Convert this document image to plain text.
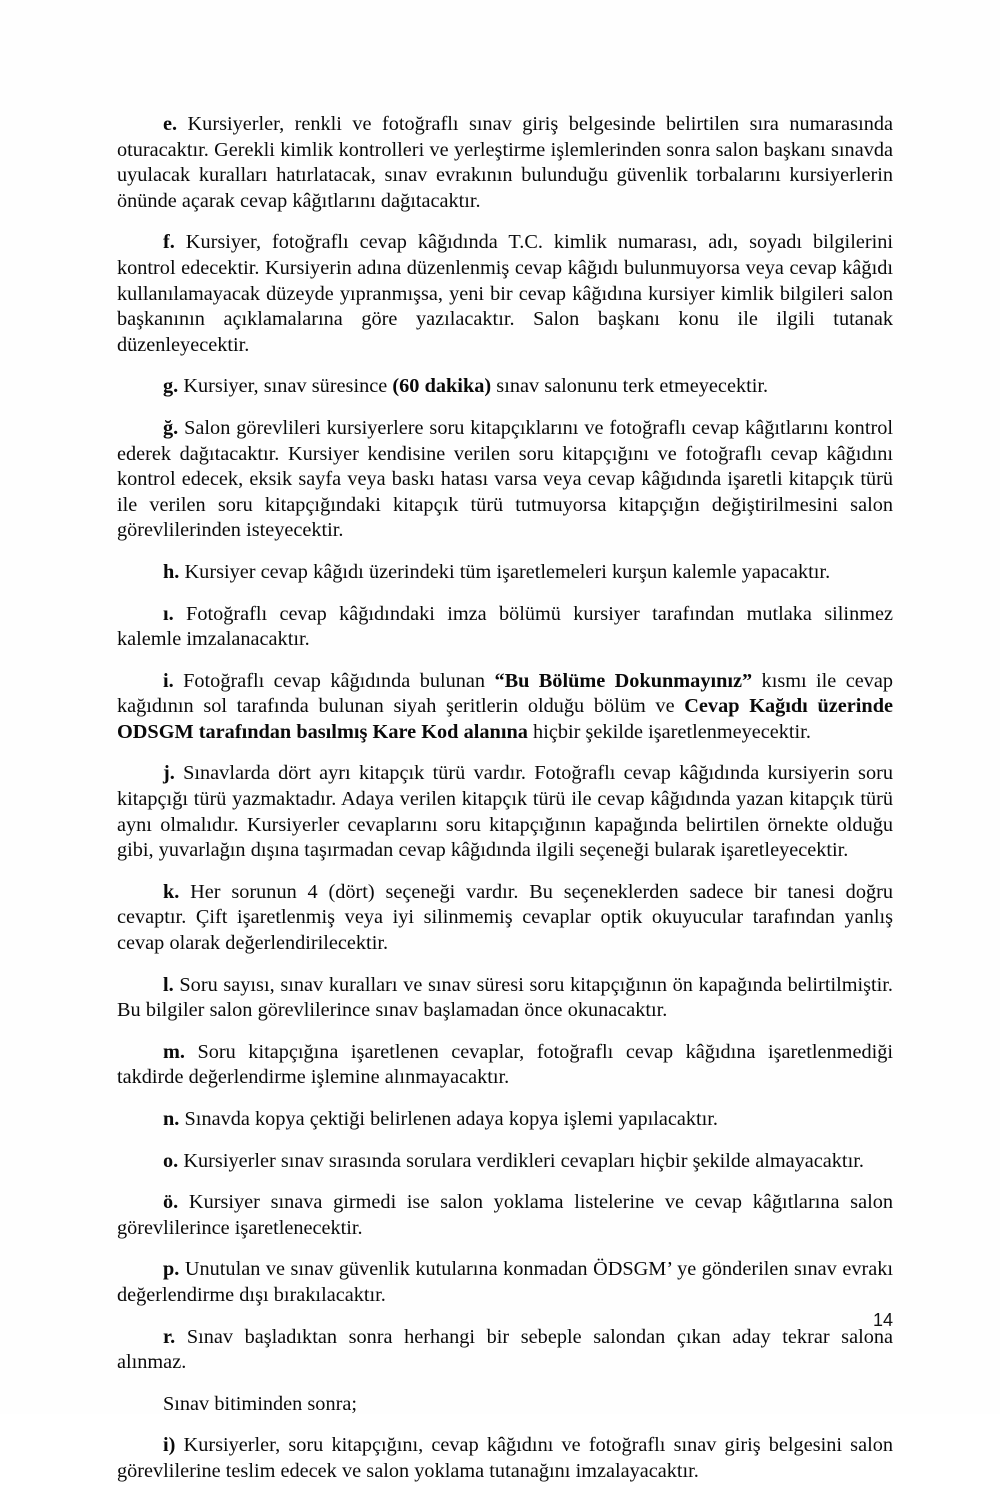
e. Kursiyerler, renkli ve fotoğraflı sınav giriş belgesinde belirtilen sıra numarasında oturacaktır. Gerekli kimlik kontrolleri ve yerleştirme işlemlerinden sonra salon başkanı sınavda uyulacak kuralları hatırlatacak, sınav evrakının bulunduğu güvenlik torbalarını kursiyerlerin önünde açarak cevap kâğıtlarını dağıtacaktır.

f. Kursiyer, fotoğraflı cevap kâğıdında T.C. kimlik numarası, adı, soyadı bilgilerini kontrol edecektir. Kursiyerin adına düzenlenmiş cevap kâğıdı bulunmuyorsa veya cevap kâğıdı kullanılamayacak düzeyde yıpranmışsa, yeni bir cevap kâğıdına kursiyer kimlik bilgileri salon başkanının açıklamalarına göre yazılacaktır. Salon başkanı konu ile ilgili tutanak düzenleyecektir.

g. Kursiyer, sınav süresince (60 dakika) sınav salonunu terk etmeyecektir.

ğ. Salon görevlileri kursiyerlere soru kitapçıklarını ve fotoğraflı cevap kâğıtlarını kontrol ederek dağıtacaktır. Kursiyer kendisine verilen soru kitapçığını ve fotoğraflı cevap kâğıdını kontrol edecek, eksik sayfa veya baskı hatası varsa veya cevap kâğıdında işaretli kitapçık türü ile verilen soru kitapçığındaki kitapçık türü tutmuyorsa kitapçığın değiştirilmesini salon görevlilerinden isteyecektir.

h. Kursiyer cevap kâğıdı üzerindeki tüm işaretlemeleri kurşun kalemle yapacaktır.

ı. Fotoğraflı cevap kâğıdındaki imza bölümü kursiyer tarafından mutlaka silinmez kalemle imzalanacaktır.

i. Fotoğraflı cevap kâğıdında bulunan “Bu Bölüme Dokunmayınız” kısmı ile cevap kağıdının sol tarafında bulunan siyah şeritlerin olduğu bölüm ve Cevap Kağıdı üzerinde ODSGM tarafından basılmış Kare Kod alanına hiçbir şekilde işaretlenmeyecektir.

j. Sınavlarda dört ayrı kitapçık türü vardır. Fotoğraflı cevap kâğıdında kursiyerin soru kitapçığı türü yazmaktadır. Adaya verilen kitapçık türü ile cevap kâğıdında yazan kitapçık türü aynı olmalıdır. Kursiyerler cevaplarını soru kitapçığının kapağında belirtilen örnekte olduğu gibi, yuvarlağın dışına taşırmadan cevap kâğıdında ilgili seçeneği bularak işaretleyecektir.

k. Her sorunun 4 (dört) seçeneği vardır. Bu seçeneklerden sadece bir tanesi doğru cevaptır. Çift işaretlenmiş veya iyi silinmemiş cevaplar optik okuyucular tarafından yanlış cevap olarak değerlendirilecektir.

l. Soru sayısı, sınav kuralları ve sınav süresi soru kitapçığının ön kapağında belirtilmiştir. Bu bilgiler salon görevlilerince sınav başlamadan önce okunacaktır.

m. Soru kitapçığına işaretlenen cevaplar, fotoğraflı cevap kâğıdına işaretlenmediği takdirde değerlendirme işlemine alınmayacaktır.

n. Sınavda kopya çektiği belirlenen adaya kopya işlemi yapılacaktır.

o. Kursiyerler sınav sırasında sorulara verdikleri cevapları hiçbir şekilde almayacaktır.

ö. Kursiyer sınava girmedi ise salon yoklama listelerine ve cevap kâğıtlarına salon görevlilerince işaretlenecektir.

p. Unutulan ve sınav güvenlik kutularına konmadan ÖDSGM’ ye gönderilen sınav evrakı değerlendirme dışı bırakılacaktır.

r. Sınav başladıktan sonra herhangi bir sebeple salondan çıkan aday tekrar salona alınmaz.

Sınav bitiminden sonra;

i) Kursiyerler, soru kitapçığını, cevap kâğıdını ve fotoğraflı sınav giriş belgesini salon görevlilerine teslim edecek ve salon yoklama tutanağını imzalayacaktır.

14
